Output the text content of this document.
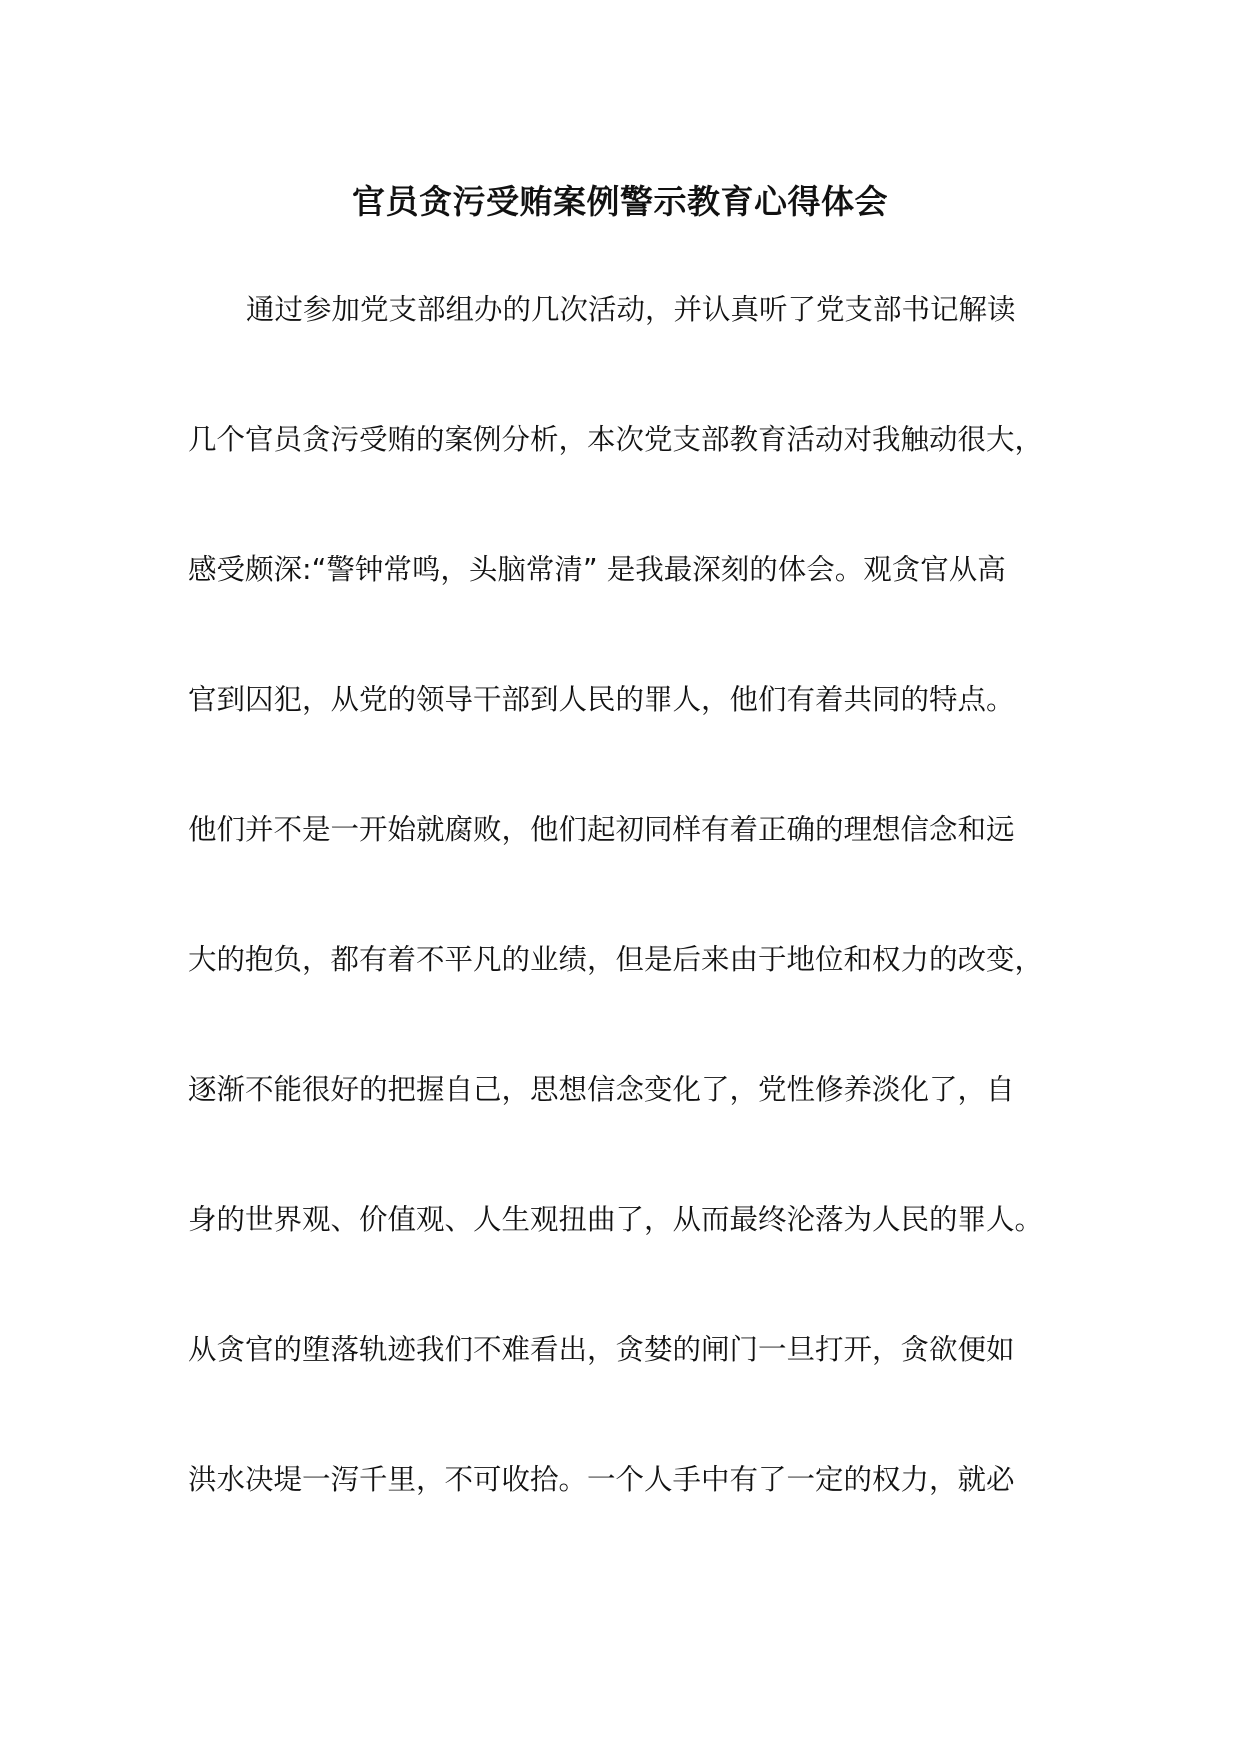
官员贪污受贿案例警示教育心得体会
通过参加党支部组办的几次活动，并认真听了党支部书记解读
几个官员贪污受贿的案例分析，本次党支部教育活动对我触动很大，
感受颇深:“警钟常鸣，头脑常清” 是我最深刻的体会。观贪官从高
官到囚犯，从党的领导干部到人民的罪人，他们有着共同的特点。
他们并不是一开始就腐败，他们起初同样有着正确的理想信念和远
大的抱负，都有着不平凡的业绩，但是后来由于地位和权力的改变，
逐渐不能很好的把握自己，思想信念变化了，党性修养淡化了，自
身的世界观、价值观、人生观扭曲了，从而最终沦落为人民的罪人。
从贪官的堕落轨迹我们不难看出，贪婪的闸门一旦打开，贪欲便如
洪水决堤一泻千里，不可收拾。一个人手中有了一定的权力，就必
